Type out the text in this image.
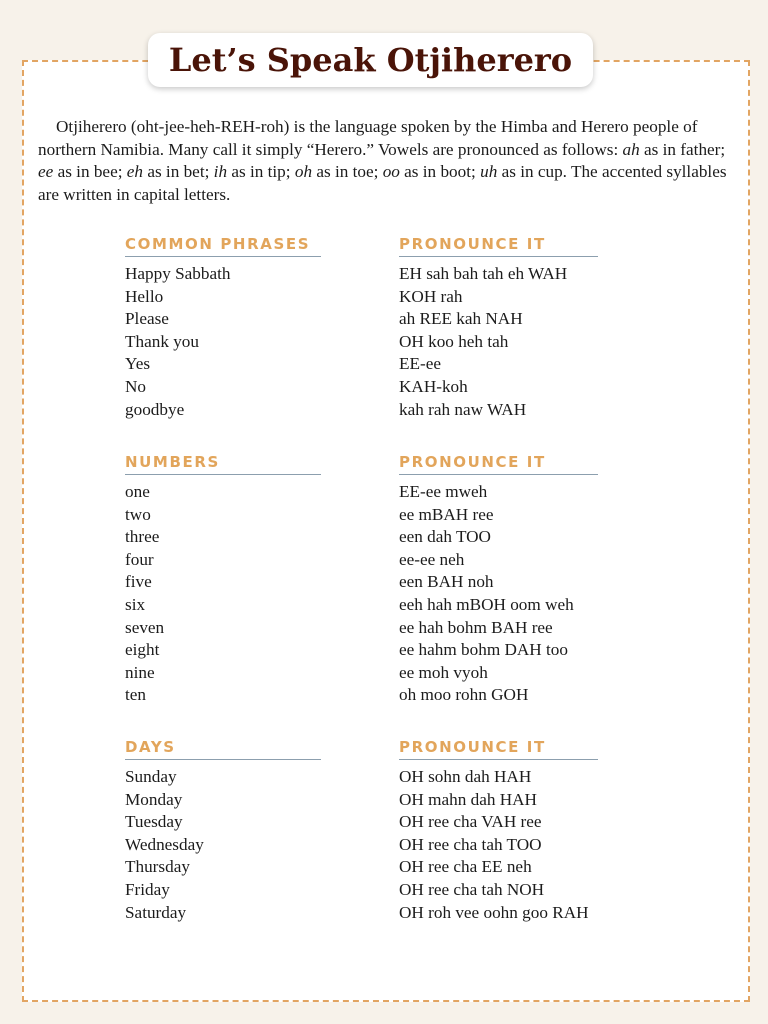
Let’s Speak Otjiherero

Otjiherero (oht-jee-heh-REH-roh) is the language spoken by the Himba and Herero people of northern Namibia. Many call it simply “Herero.” Vowels are pronounced as follows: ah as in father; ee as in bee; eh as in bet; ih as in tip; oh as in toe; oo as in boot; uh as in cup. The accented syllables are written in capital letters.

COMMON PHRASES	PRONOUNCE IT
Happy Sabbath	EH sah bah tah eh WAH
Hello	KOH rah
Please	ah REE kah NAH
Thank you	OH koo heh tah
Yes	EE-ee
No	KAH-koh
goodbye	kah rah naw WAH
NUMBERS	PRONOUNCE IT
one	EE-ee mweh
two	ee mBAH ree
three	een dah TOO
four	ee-ee neh
five	een BAH noh
six	eeh hah mBOH oom weh
seven	ee hah bohm BAH ree
eight	ee hahm bohm DAH too
nine	ee moh vyoh
ten	oh moo rohn GOH
DAYS	PRONOUNCE IT
Sunday	OH sohn dah HAH
Monday	OH mahn dah HAH
Tuesday	OH ree cha VAH ree
Wednesday	OH ree cha tah TOO
Thursday	OH ree cha EE neh
Friday	OH ree cha tah NOH
Saturday	OH roh vee oohn goo RAH
